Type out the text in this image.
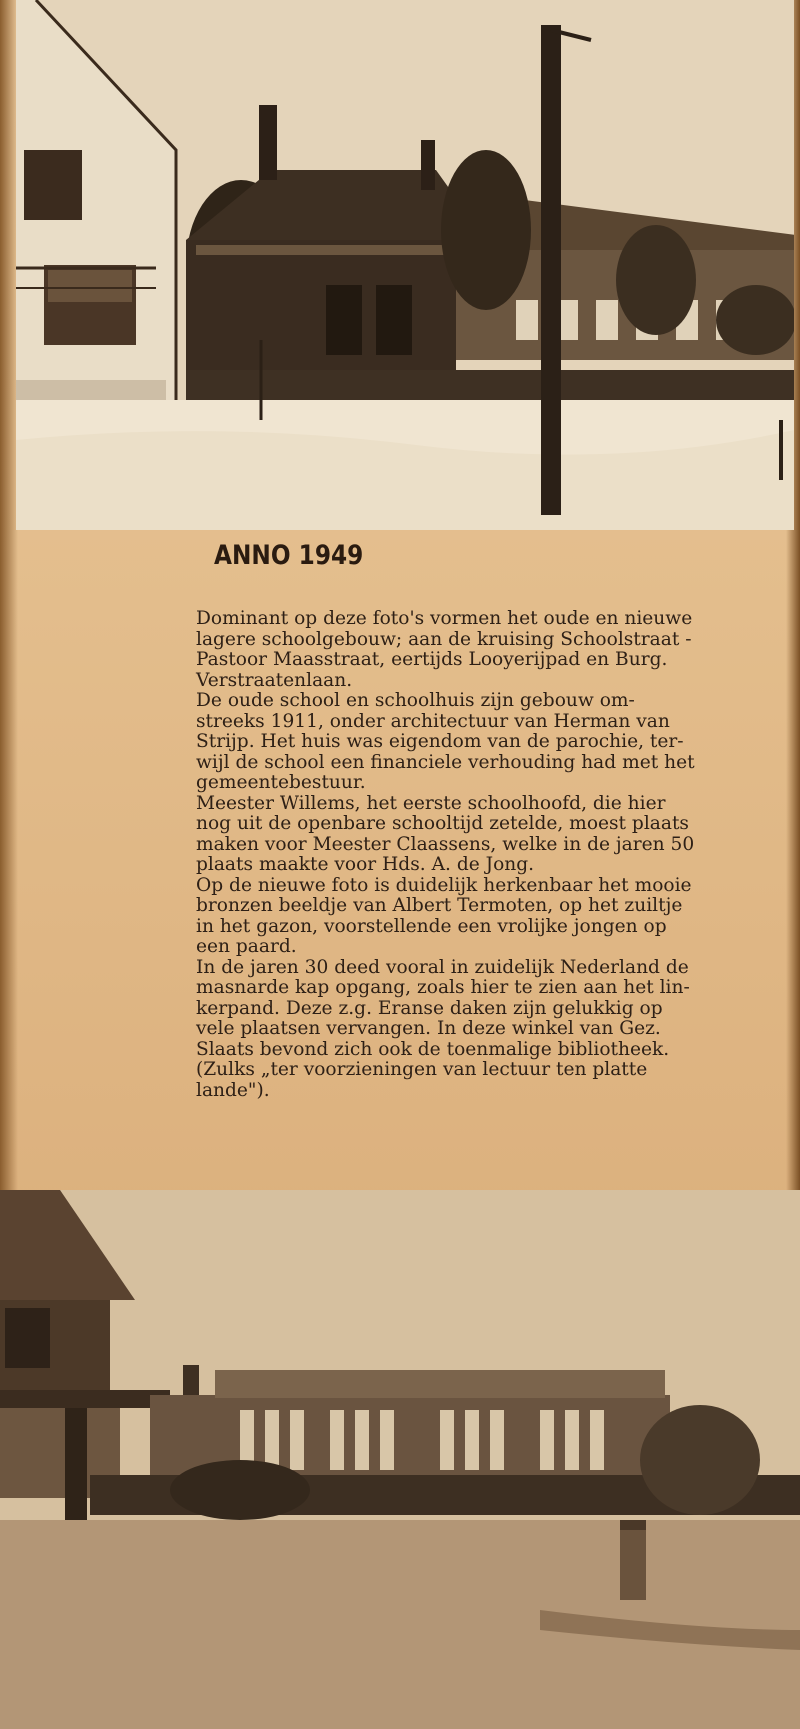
ANNO 1949

Dominant op deze foto's vormen het oude en nieuwe
lagere schoolgebouw; aan de kruising Schoolstraat -
Pastoor Maasstraat, eertijds Looyerijpad en Burg.
Verstraatenlaan.

De oude school en schoolhuis zijn gebouw om-
streeks 1911, onder architectuur van Herman van
Strijp. Het huis was eigendom van de parochie, ter-
wijl de school een financiele verhouding had met het
gemeentebestuur.

Meester Willems, het eerste schoolhoofd, die hier
nog uit de openbare schooltijd zetelde, moest plaats
maken voor Meester Claassens, welke in de jaren 50
plaats maakte voor Hds. A. de Jong.

Op de nieuwe foto is duidelijk herkenbaar het mooie
bronzen beeldje van Albert Termoten, op het zuiltje
in het gazon, voorstellende een vrolijke jongen op
een paard.

In de jaren 30 deed vooral in zuidelijk Nederland de
masnarde kap opgang, zoals hier te zien aan het lin-
kerpand. Deze z.g. Eranse daken zijn gelukkig op
vele plaatsen vervangen. In deze winkel van Gez.
Slaats bevond zich ook de toenmalige bibliotheek.
(Zulks „ter voorzieningen van lectuur ten platte
lande").
